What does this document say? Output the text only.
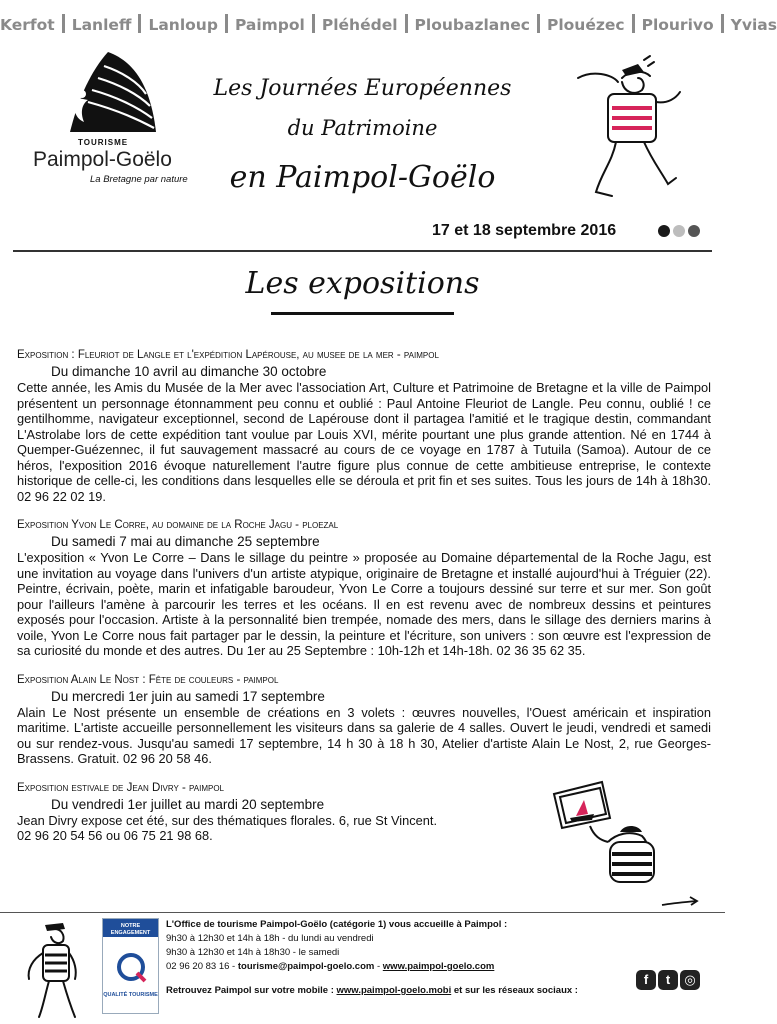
Kerfot Lanleff Lanloup Paimpol Pléhédel Ploubazlanec Plouézec Plourivo Yvias
TOURISME
Paimpol-Goëlo
La Bretagne par nature
Les Journées Européennes
du Patrimoine
en Paimpol-Goëlo
17 et 18 septembre 2016
Les expositions
Exposition : Fleuriot de Langle et l'expédition Lapérouse, au musee de la mer - paimpol
Du dimanche 10 avril au dimanche 30 octobre
Cette année, les Amis du Musée de la Mer avec l'association Art, Culture et Patrimoine de Bretagne et la ville de Paimpol présentent un personnage étonnamment peu connu et oublié : Paul Antoine Fleuriot de Langle. Peu connu, oublié ! ce gentilhomme, navigateur exceptionnel, second de Lapérouse dont il partagea l'amitié et le tragique destin, commandant L'Astrolabe lors de cette expédition tant voulue par Louis XVI, mérite pourtant une plus grande attention. Né en 1744 à Quemper-Guézennec, il fut sauvagement massacré au cours de ce voyage en 1787 à Tutuila (Samoa). Autour de ce héros, l'exposition 2016 évoque naturellement l'autre figure plus connue de cette ambitieuse entreprise, le contexte historique de celle-ci, les conditions dans lesquelles elle se déroula et prit fin et ses suites. Tous les jours de 14h à 18h30. 02 96 22 02 19.
Exposition Yvon Le Corre, au domaine de la Roche Jagu - ploezal
Du samedi 7 mai au dimanche 25 septembre
L'exposition « Yvon Le Corre – Dans le sillage du peintre » proposée au Domaine départemental de la Roche Jagu, est une invitation au voyage dans l'univers d'un artiste atypique, originaire de Bretagne et installé aujourd'hui à Tréguier (22). Peintre, écrivain, poète, marin et infatigable baroudeur, Yvon Le Corre a toujours dessiné sur terre et sur mer. Son goût pour l'ailleurs l'amène à parcourir les terres et les océans. Il en est revenu avec de nombreux dessins et peintures exposés pour l'occasion. Artiste à la personnalité bien trempée, nomade des mers, dans le sillage des derniers marins à voile, Yvon Le Corre nous fait partager par le dessin, la peinture et l'écriture, son univers : son œuvre est l'expression de sa curiosité du monde et des autres. Du 1er au 25 Septembre : 10h-12h et 14h-18h. 02 36 35 62 35.
Exposition Alain Le Nost : Fête de couleurs - paimpol
Du mercredi 1er juin au samedi 17 septembre
Alain Le Nost présente un ensemble de créations en 3 volets : œuvres nouvelles, l'Ouest américain et inspiration maritime. L'artiste accueille personnellement les visiteurs dans sa galerie de 4 salles. Ouvert le jeudi, vendredi et samedi ou sur rendez-vous. Jusqu'au samedi 17 septembre, 14 h 30 à 18 h 30, Atelier d'artiste Alain Le Nost, 2, rue Georges-Brassens. Gratuit. 02 96 20 58 46.
Exposition estivale de Jean Divry - paimpol
Du vendredi 1er juillet au mardi 20 septembre
Jean Divry expose cet été, sur des thématiques florales. 6, rue St Vincent. 02 96 20 54 56 ou 06 75 21 98 68.
NOTRE ENGAGEMENT
QUALITÉ TOURISME
L'Office de tourisme Paimpol-Goëlo (catégorie 1) vous accueille à Paimpol :
9h30 à 12h30 et 14h à 18h - du lundi au vendredi
9h30 à 12h30 et 14h à 18h30 - le samedi
02 96 20 83 16 - tourisme@paimpol-goelo.com - www.paimpol-goelo.com
Retrouvez Paimpol sur votre mobile : www.paimpol-goelo.mobi et sur les réseaux sociaux :
f t ◎
